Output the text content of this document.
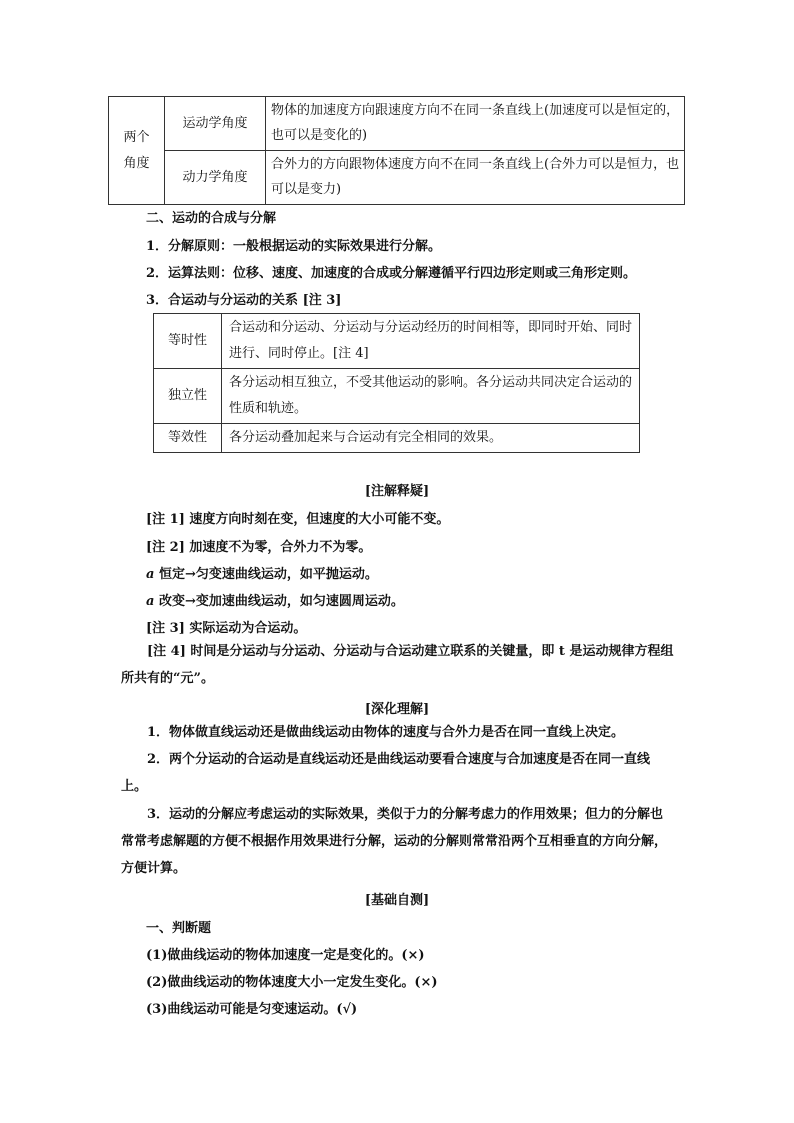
两个角度	运动学角度	物体的加速度方向跟速度方向不在同一条直线上(加速度可以是恒定的，也可以是变化的)
	动力学角度	合外力的方向跟物体速度方向不在同一条直线上(合外力可以是恒力，也可以是变力)
二、运动的合成与分解
1．分解原则：一般根据运动的实际效果进行分解。
2．运算法则：位移、速度、加速度的合成或分解遵循平行四边形定则或三角形定则。
3．合运动与分运动的关系 [注 3]
等时性	合运动和分运动、分运动与分运动经历的时间相等，即同时开始、同时进行、同时停止。[注 4]
独立性	各分运动相互独立，不受其他运动的影响。各分运动共同决定合运动的性质和轨迹。
等效性	各分运动叠加起来与合运动有完全相同的效果。
[注解释疑]
[注 1] 速度方向时刻在变，但速度的大小可能不变。
[注 2] 加速度不为零，合外力不为零。
a 恒定→匀变速曲线运动，如平抛运动。
a 改变→变加速曲线运动，如匀速圆周运动。
[注 3] 实际运动为合运动。
[注 4] 时间是分运动与分运动、分运动与合运动建立联系的关键量，即 t 是运动规律方程组所共有的“元”。
[深化理解]
1．物体做直线运动还是做曲线运动由物体的速度与合外力是否在同一直线上决定。
2．两个分运动的合运动是直线运动还是曲线运动要看合速度与合加速度是否在同一直线上。
3．运动的分解应考虑运动的实际效果，类似于力的分解考虑力的作用效果；但力的分解也常常考虑解题的方便不根据作用效果进行分解，运动的分解则常常沿两个互相垂直的方向分解，方便计算。
[基础自测]
一、判断题
(1)做曲线运动的物体加速度一定是变化的。(×)
(2)做曲线运动的物体速度大小一定发生变化。(×)
(3)曲线运动可能是匀变速运动。(√)
